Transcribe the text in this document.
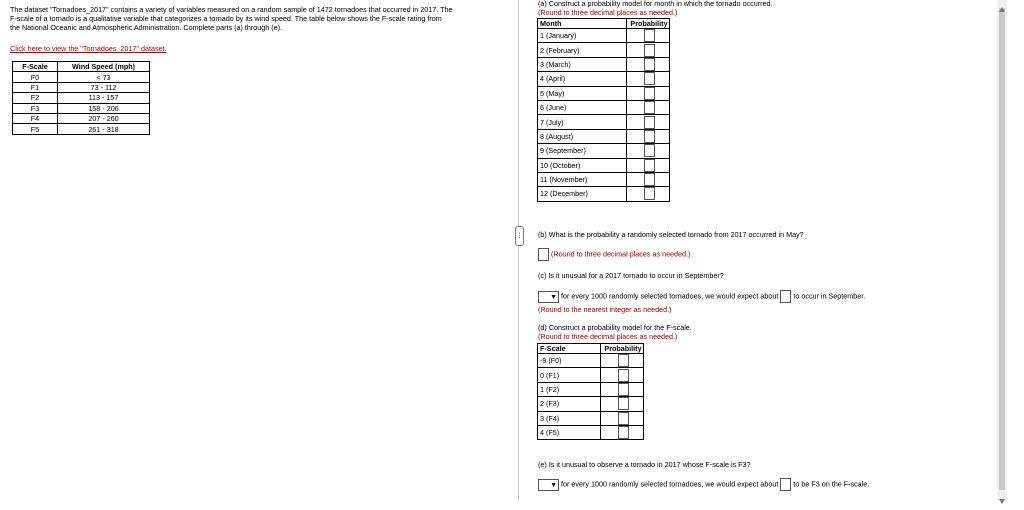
The dataset "Tornadoes_2017" contains a variety of variables measured on a random sample of 1472 tornadoes that occurred in 2017. The
F-scale of a tornado is a qualitative variable that categorizes a tornado by its wind speed. The table below shows the F-scale rating from
the National Oceanic and Atmospheric Administration. Complete parts (a) through (e).
Click here to view the "Tornadoes_2017" dataset.
F-Scale	Wind Speed (mph)
F0	< 73
F1	73 - 112
F2	113 - 157
F3	158 - 206
F4	207 - 260
F5	261 - 318
⋮
(a) Construct a probability model for month in which the tornado occurred.
(Round to three decimal places as needed.)
Month	Probability
1 (January)	
2 (February)	
3 (March)	
4 (April)	
5 (May)	
6 (June)	
7 (July)	
8 (August)	
9 (September)	
10 (October)	
11 (November)	
12 (December)	
(b) What is the probability a randomly selected tornado from 2017 occurred in May?
(Round to three decimal places as needed.)
(c) Is it unusual for a 2017 tornado to occur in September?
▼ for every 1000 randomly selected tornadoes, we would expect about to occur in September.
(Round to the nearest integer as needed.)
(d) Construct a probability model for the F-scale.
(Round to three decimal places as needed.)
F-Scale	Probability
-9 (F0)	
0 (F1)	
1 (F2)	
2 (F3)	
3 (F4)	
4 (F5)	
(e) Is it unusual to observe a tornado in 2017 whose F-scale is F3?
▼ for every 1000 randomly selected tornadoes, we would expect about to be F3 on the F-scale.
